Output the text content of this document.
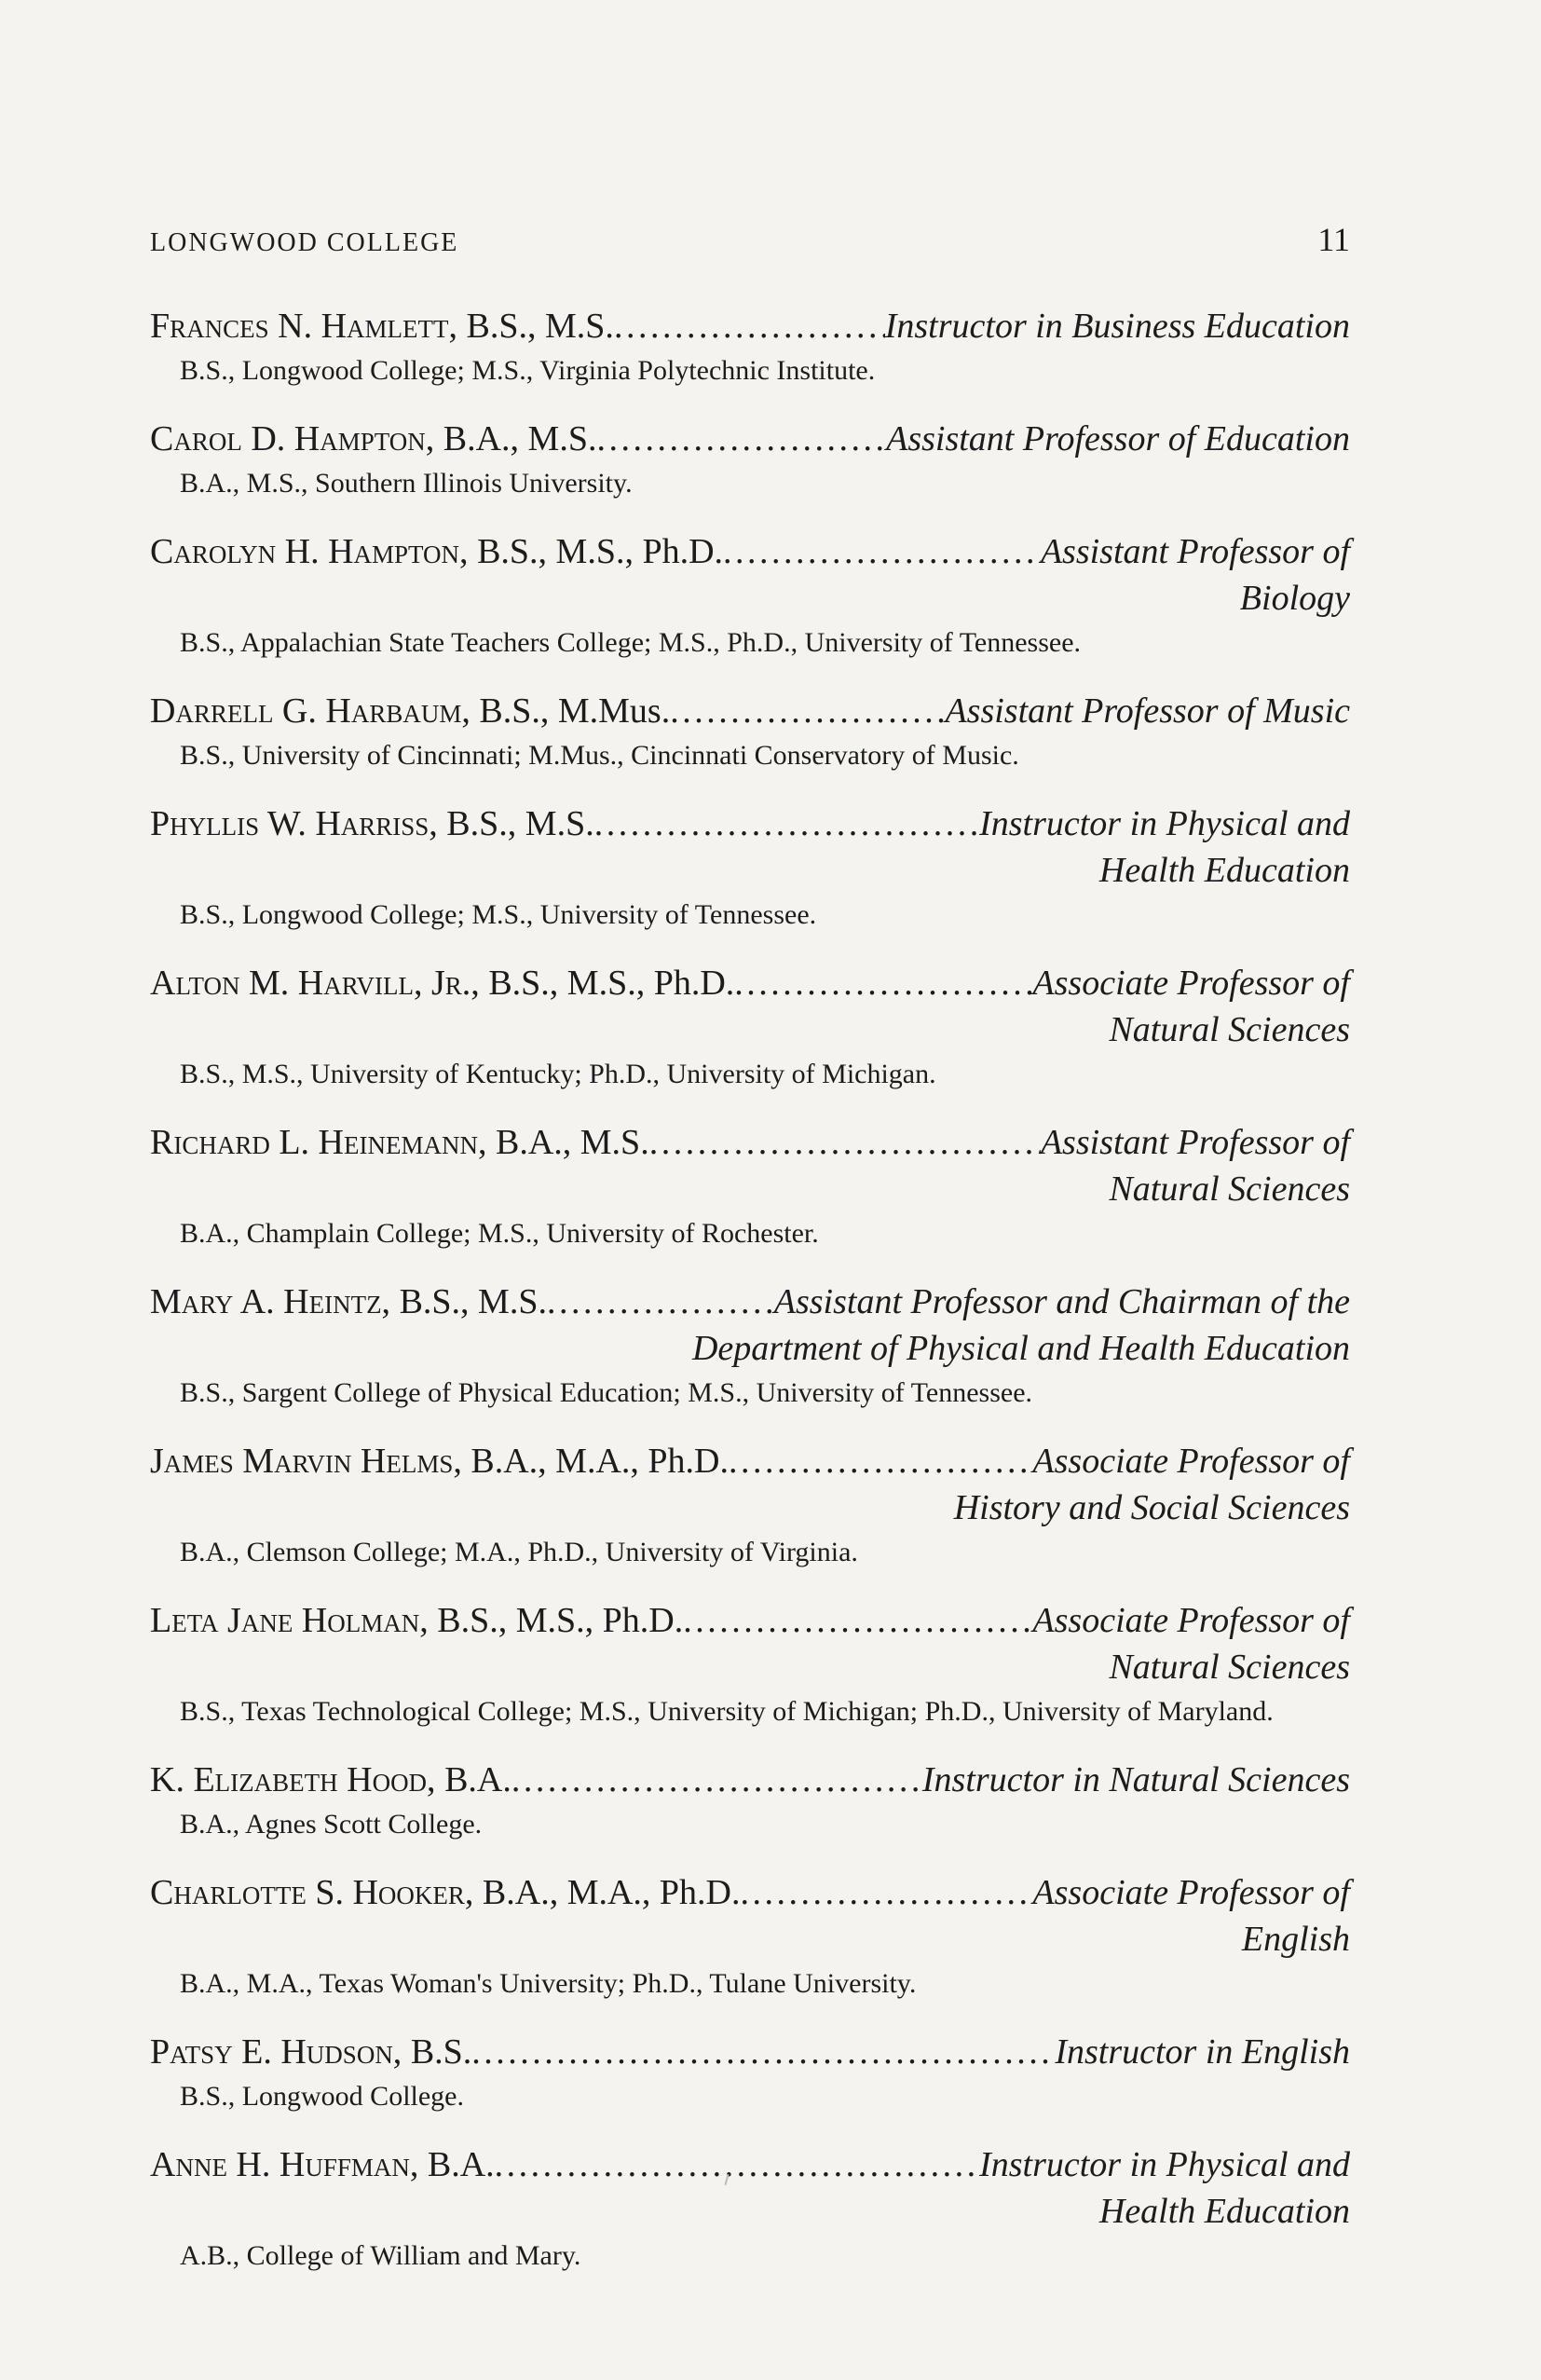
LONGWOOD COLLEGE	11
Frances N. Hamlett, B.S., M.S. . . .	Instructor in Business Education
B.S., Longwood College; M.S., Virginia Polytechnic Institute.
Carol D. Hampton, B.A., M.S. . . .	Assistant Professor of Education
B.A., M.S., Southern Illinois University.
Carolyn H. Hampton, B.S., M.S., Ph.D. . . .	Assistant Professor of
Biology
B.S., Appalachian State Teachers College; M.S., Ph.D., University of Tennessee.
Darrell G. Harbaum, B.S., M.Mus. . . .	Assistant Professor of Music
B.S., University of Cincinnati; M.Mus., Cincinnati Conservatory of Music.
Phyllis W. Harriss, B.S., M.S. . . .	Instructor in Physical and
Health Education
B.S., Longwood College; M.S., University of Tennessee.
Alton M. Harvill, Jr., B.S., M.S., Ph.D. . . .	Associate Professor of
Natural Sciences
B.S., M.S., University of Kentucky; Ph.D., University of Michigan.
Richard L. Heinemann, B.A., M.S. . . .	Assistant Professor of
Natural Sciences
B.A., Champlain College; M.S., University of Rochester.
Mary A. Heintz, B.S., M.S. . . .	Assistant Professor and Chairman of the
Department of Physical and Health Education
B.S., Sargent College of Physical Education; M.S., University of Tennessee.
James Marvin Helms, B.A., M.A., Ph.D. . . .	Associate Professor of
History and Social Sciences
B.A., Clemson College; M.A., Ph.D., University of Virginia.
Leta Jane Holman, B.S., M.S., Ph.D. . . .	Associate Professor of
Natural Sciences
B.S., Texas Technological College; M.S., University of Michigan; Ph.D., University of Maryland.
K. Elizabeth Hood, B.A. . . .	Instructor in Natural Sciences
B.A., Agnes Scott College.
Charlotte S. Hooker, B.A., M.A., Ph.D. . . .	Associate Professor of
English
B.A., M.A., Texas Woman's University; Ph.D., Tulane University.
Patsy E. Hudson, B.S. . . .	Instructor in English
B.S., Longwood College.
Anne H. Huffman, B.A. . . .	Instructor in Physical and
Health Education
A.B., College of William and Mary.
